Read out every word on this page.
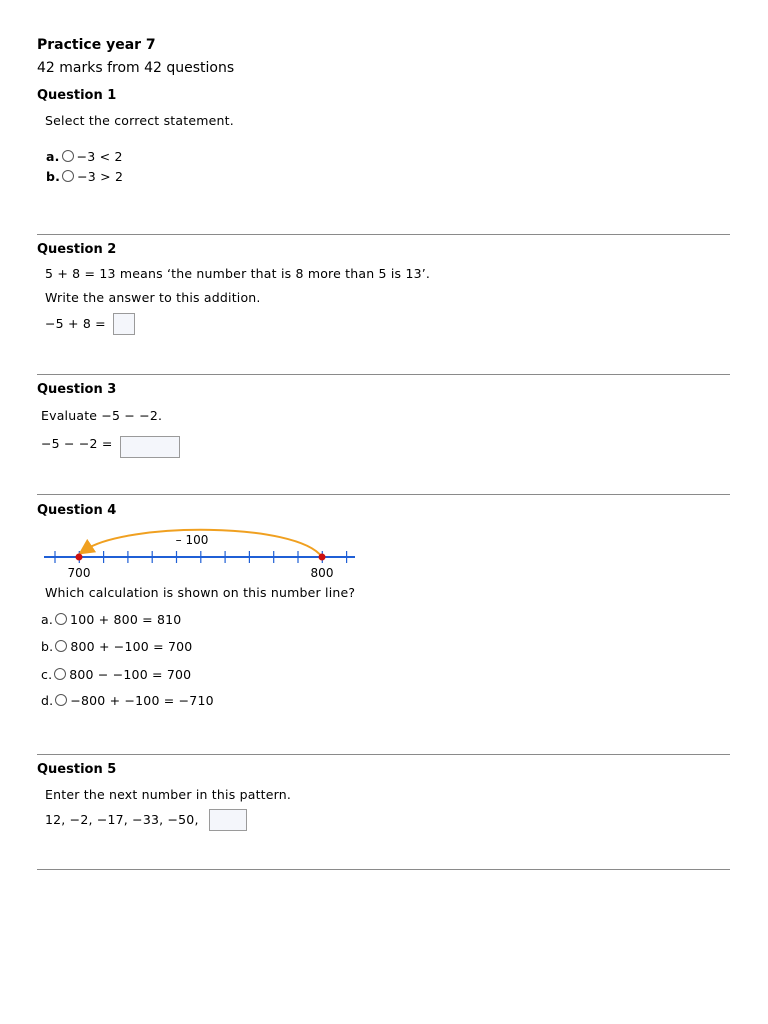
Practice year 7
42 marks from 42 questions
Question 1
Select the correct statement.
a. −3 < 2
b. −3 > 2
Question 2
5 + 8 = 13 means ‘the number that is 8 more than 5 is 13’.
Write the answer to this addition.
−5 + 8 =
Question 3
Evaluate −5 − −2.
−5 − −2 =
Question 4
– 100
700	800
Which calculation is shown on this number line?
a. 100 + 800 = 810
b. 800 + −100 = 700
c. 800 − −100 = 700
d. −800 + −100 = −710
Question 5
Enter the next number in this pattern.
12, −2, −17, −33, −50,
